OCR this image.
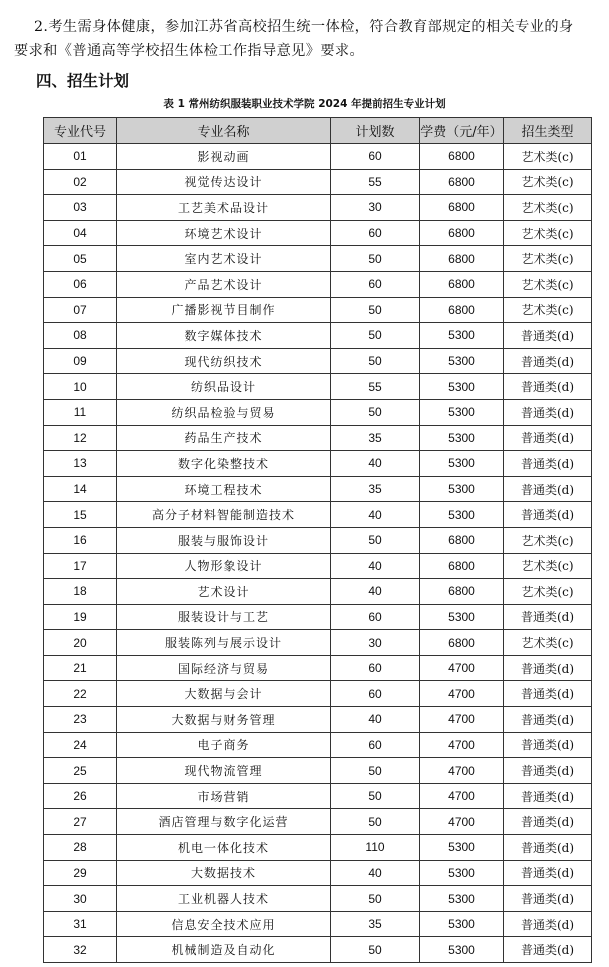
2.考生需身体健康，参加江苏省高校招生统一体检，符合教育部规定的相关专业的身
要求和《普通高等学校招生体检工作指导意见》要求。
四、招生计划
表 1 常州纺织服装职业技术学院 2024 年提前招生专业计划
专业代号	专业名称	计划数	学费（元/年）	招生类型
01	影视动画	60	6800	艺术类(c)
02	视觉传达设计	55	6800	艺术类(c)
03	工艺美术品设计	30	6800	艺术类(c)
04	环境艺术设计	60	6800	艺术类(c)
05	室内艺术设计	50	6800	艺术类(c)
06	产品艺术设计	60	6800	艺术类(c)
07	广播影视节目制作	50	6800	艺术类(c)
08	数字媒体技术	50	5300	普通类(d)
09	现代纺织技术	50	5300	普通类(d)
10	纺织品设计	55	5300	普通类(d)
11	纺织品检验与贸易	50	5300	普通类(d)
12	药品生产技术	35	5300	普通类(d)
13	数字化染整技术	40	5300	普通类(d)
14	环境工程技术	35	5300	普通类(d)
15	高分子材料智能制造技术	40	5300	普通类(d)
16	服装与服饰设计	50	6800	艺术类(c)
17	人物形象设计	40	6800	艺术类(c)
18	艺术设计	40	6800	艺术类(c)
19	服装设计与工艺	60	5300	普通类(d)
20	服装陈列与展示设计	30	6800	艺术类(c)
21	国际经济与贸易	60	4700	普通类(d)
22	大数据与会计	60	4700	普通类(d)
23	大数据与财务管理	40	4700	普通类(d)
24	电子商务	60	4700	普通类(d)
25	现代物流管理	50	4700	普通类(d)
26	市场营销	50	4700	普通类(d)
27	酒店管理与数字化运营	50	4700	普通类(d)
28	机电一体化技术	110	5300	普通类(d)
29	大数据技术	40	5300	普通类(d)
30	工业机器人技术	50	5300	普通类(d)
31	信息安全技术应用	35	5300	普通类(d)
32	机械制造及自动化	50	5300	普通类(d)
